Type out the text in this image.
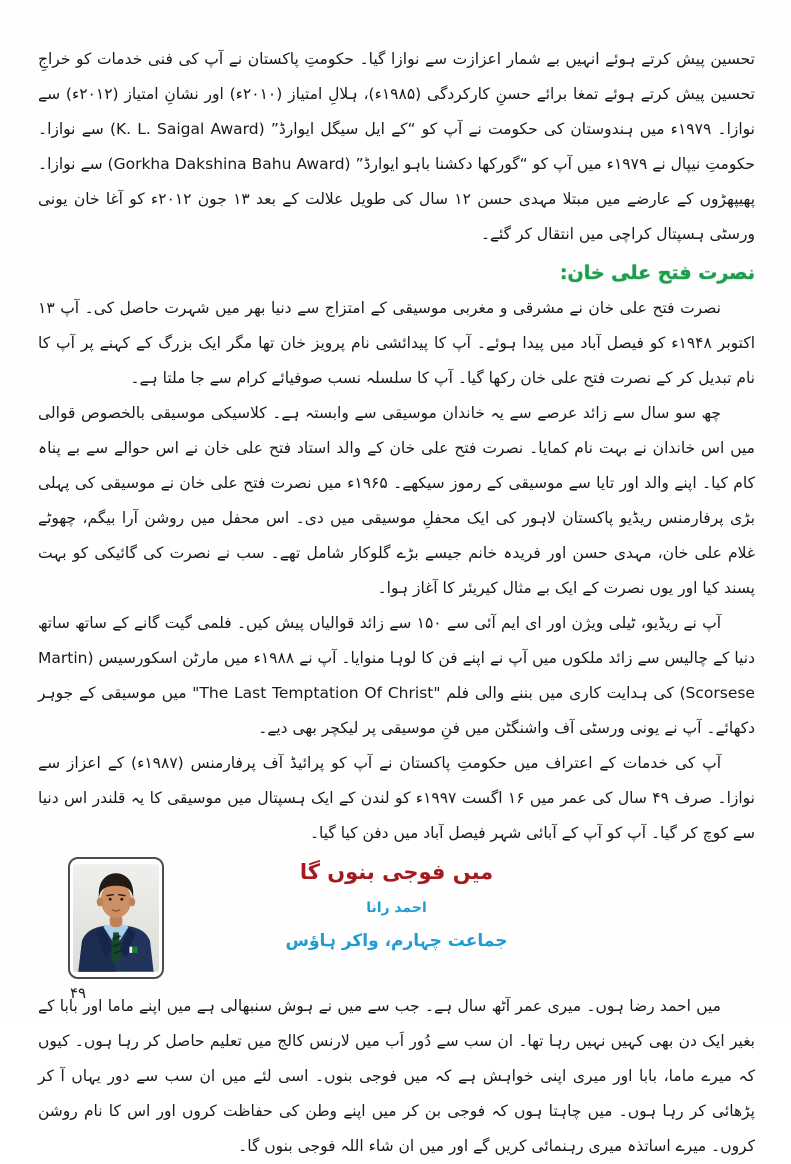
تحسین پیش کرتے ہوئے انہیں بے شمار اعزازت سے نوازا گیا۔ حکومتِ پاکستان نے آپ کی فنی خدمات کو خراجِ تحسین پیش کرتے ہوئے تمغا برائے حسنِ کارکردگی (۱۹۸۵ء)، ہلالِ امتیاز (۲۰۱۰ء) اور نشانِ امتیاز (۲۰۱۲ء) سے نوازا۔ ۱۹۷۹ء میں ہندوستان کی حکومت نے آپ کو “کے ایل سیگل ایوارڈ” (K. L. Saigal Award) سے نوازا۔ حکومتِ نیپال نے ۱۹۷۹ء میں آپ کو “گورکھا دکشنا باہو ایوارڈ” (Gorkha Dakshina Bahu Award) سے نوازا۔ پھیپھڑوں کے عارضے میں مبتلا مہدی حسن ۱۲ سال کی طویل علالت کے بعد ۱۳ جون ۲۰۱۲ء کو آغا خان یونی ورسٹی ہسپتال کراچی میں انتقال کر گئے۔

نصرت فتح علی خان:

نصرت فتح علی خان نے مشرقی و مغربی موسیقی کے امتزاج سے دنیا بھر میں شہرت حاصل کی۔ آپ ۱۳ اکتوبر ۱۹۴۸ء کو فیصل آباد میں پیدا ہوئے۔ آپ کا پیدائشی نام پرویز خان تھا مگر ایک بزرگ کے کہنے پر آپ کا نام تبدیل کر کے نصرت فتح علی خان رکھا گیا۔ آپ کا سلسلہ نسب صوفیائے کرام سے جا ملتا ہے۔

چھ سو سال سے زائد عرصے سے یہ خاندان موسیقی سے وابستہ ہے۔ کلاسیکی موسیقی بالخصوص قوالی میں اس خاندان نے بہت نام کمایا۔ نصرت فتح علی خان کے والد استاد فتح علی خان نے اس حوالے سے بے پناہ کام کیا۔ اپنے والد اور تایا سے موسیقی کے رموز سیکھے۔ ۱۹۶۵ء میں نصرت فتح علی خان نے موسیقی کی پہلی بڑی پرفارمنس ریڈیو پاکستان لاہور کی ایک محفلِ موسیقی میں دی۔ اس محفل میں روشن آرا بیگم، چھوٹے غلام علی خان، مہدی حسن اور فریدہ خانم جیسے بڑے گلوکار شامل تھے۔ سب نے نصرت کی گائیکی کو بہت پسند کیا اور یوں نصرت کے ایک بے مثال کیریئر کا آغاز ہوا۔

آپ نے ریڈیو، ٹیلی ویژن اور ای ایم آئی سے ۱۵۰ سے زائد قوالیاں پیش کیں۔ فلمی گیت گانے کے ساتھ ساتھ دنیا کے چالیس سے زائد ملکوں میں آپ نے اپنے فن کا لوہا منوایا۔ آپ نے ۱۹۸۸ء میں مارٹن اسکورسیس (Martin Scorsese) کی ہدایت کاری میں بننے والی فلم "The Last Temptation Of Christ" میں موسیقی کے جوہر دکھائے۔ آپ نے یونی ورسٹی آف واشنگٹن میں فنِ موسیقی پر لیکچر بھی دیے۔

آپ کی خدمات کے اعتراف میں حکومتِ پاکستان نے آپ کو پرائیڈ آف پرفارمنس (۱۹۸۷ء) کے اعزاز سے نوازا۔ صرف ۴۹ سال کی عمر میں ۱۶ اگست ۱۹۹۷ء کو لندن کے ایک ہسپتال میں موسیقی کا یہ قلندر اس دنیا سے کوچ کر گیا۔ آپ کو آپ کے آبائی شہر فیصل آباد میں دفن کیا گیا۔

میں فوجی بنوں گا
احمد رانا
جماعت چہارم، واکر ہاؤس

میں احمد رضا ہوں۔ میری عمر آٹھ سال ہے۔ جب سے میں نے ہوش سنبھالی ہے میں اپنے ماما اور بابا کے بغیر ایک دن بھی کہیں نہیں رہا تھا۔ ان سب سے دُور اَب میں لارنس کالج میں تعلیم حاصل کر رہا ہوں۔ کیوں کہ میرے ماما، بابا اور میری اپنی خواہش ہے کہ میں فوجی بنوں۔ اسی لئے میں ان سب سے دور یہاں آ کر پڑھائی کر رہا ہوں۔ میں چاہتا ہوں کہ فوجی بن کر میں اپنے وطن کی حفاظت کروں اور اس کا نام روشن کروں۔ میرے اساتذہ میری رہنمائی کریں گے اور میں ان شاء اللہ فوجی بنوں گا۔

۴۹
